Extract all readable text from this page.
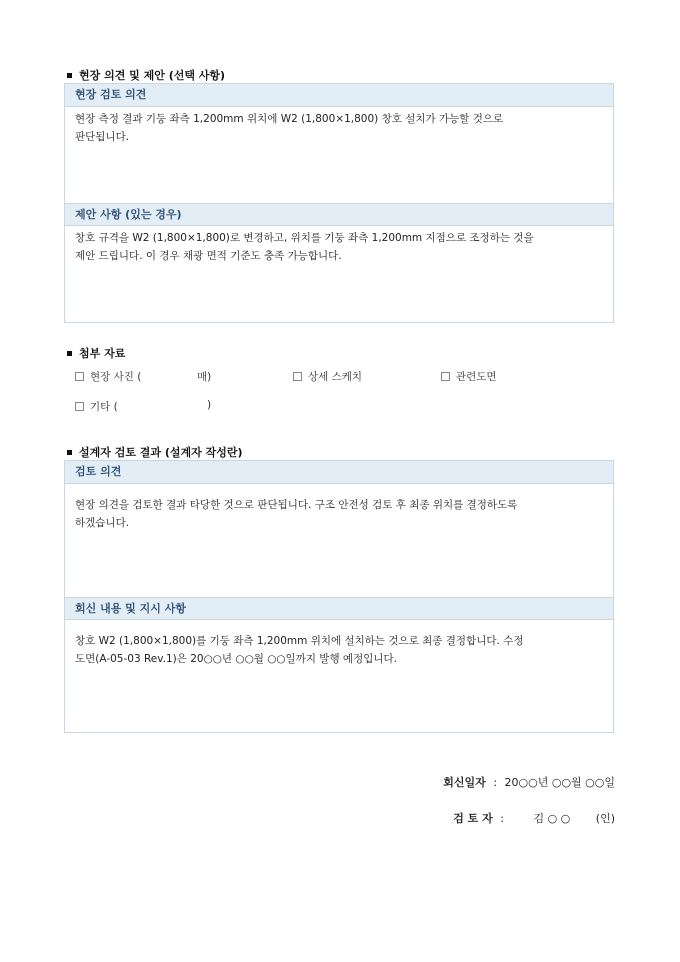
현장 의견 및 제안 (선택 사항)
현장 검토 의견
현장 측정 결과 기둥 좌측 1,200mm 위치에 W2 (1,800×1,800) 창호 설치가 가능할 것으로
판단됩니다.
제안 사항 (있는 경우)
창호 규격을 W2 (1,800×1,800)로 변경하고, 위치를 기둥 좌측 1,200mm 지점으로 조정하는 것을
제안 드립니다. 이 경우 채광 면적 기준도 충족 가능합니다.
첨부 자료
현장 사진 (	매)	상세 스케치	관련도면
기타 (	)
설계자 검토 결과 (설계자 작성란)
검토 의견
현장 의견을 검토한 결과 타당한 것으로 판단됩니다. 구조 안전성 검토 후 최종 위치를 결정하도록
하겠습니다.
회신 내용 및 지시 사항
창호 W2 (1,800×1,800)를 기둥 좌측 1,200mm 위치에 설치하는 것으로 최종 결정합니다. 수정
도면(A-05-03 Rev.1)은 20○○년 ○○월 ○○일까지 발행 예정입니다.
회신일자 : 20○○년 ○○월 ○○일
검 토 자 :	김 ○ ○ (인)
